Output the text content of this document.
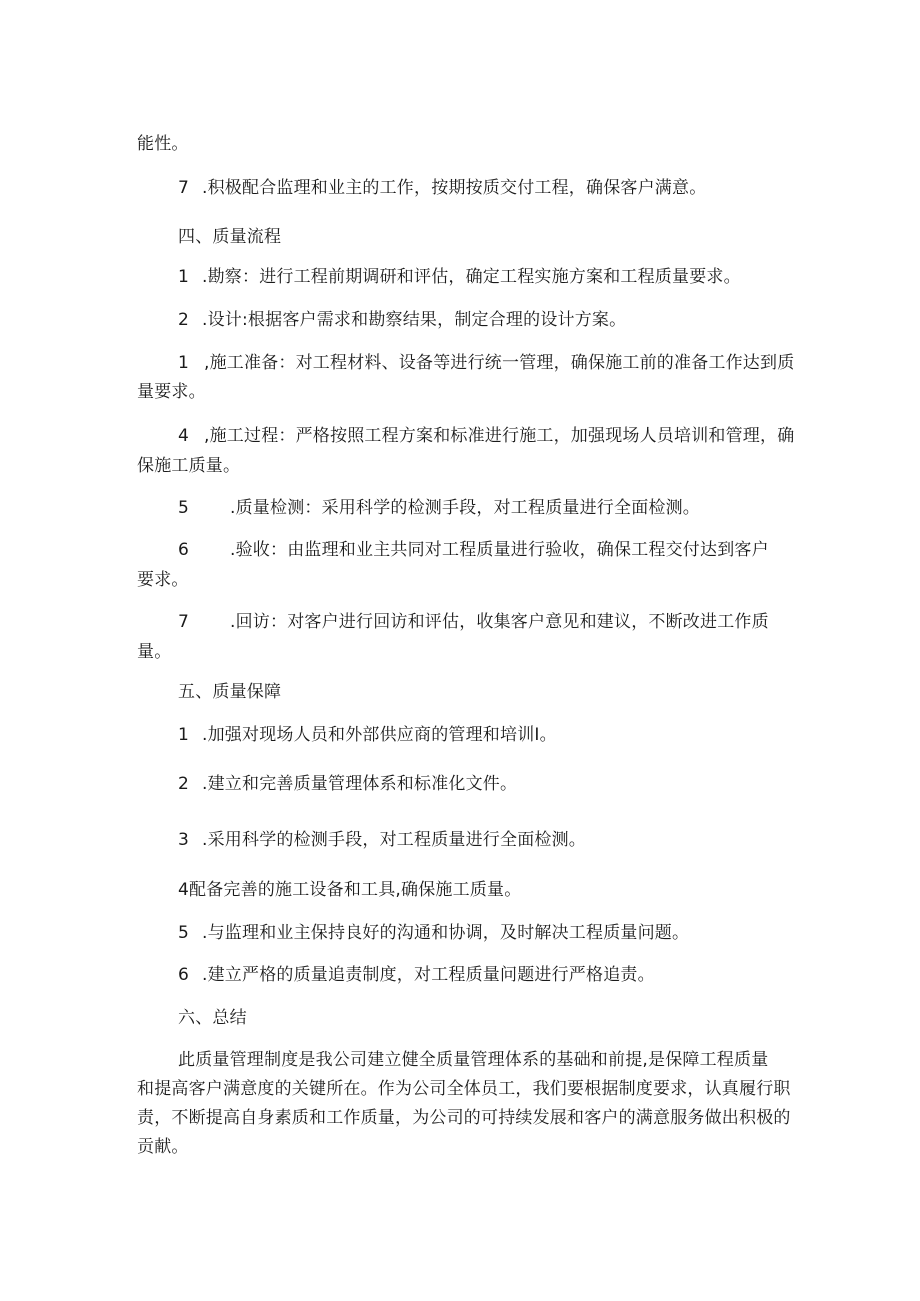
能性。
7 .积极配合监理和业主的工作，按期按质交付工程，确保客户满意。
四、质量流程
1 .勘察：进行工程前期调研和评估，确定工程实施方案和工程质量要求。
2 .设计:根据客户需求和勘察结果，制定合理的设计方案。
1 ,施工准备：对工程材料、设备等进行统一管理，确保施工前的准备工作达到质
量要求。
4 ,施工过程：严格按照工程方案和标准进行施工，加强现场人员培训和管理，确
保施工质量。
5 .质量检测：采用科学的检测手段，对工程质量进行全面检测。
6 .验收：由监理和业主共同对工程质量进行验收，确保工程交付达到客户
要求。
7 .回访：对客户进行回访和评估，收集客户意见和建议，不断改进工作质
量。
五、质量保障
1 .加强对现场人员和外部供应商的管理和培训I。
2 .建立和完善质量管理体系和标准化文件。
3 .采用科学的检测手段，对工程质量进行全面检测。
4配备完善的施工设备和工具,确保施工质量。
5 .与监理和业主保持良好的沟通和协调，及时解决工程质量问题。
6 .建立严格的质量追责制度，对工程质量问题进行严格追责。
六、总结
此质量管理制度是我公司建立健全质量管理体系的基础和前提,是保障工程质量
和提高客户满意度的关键所在。作为公司全体员工，我们要根据制度要求，认真履行职
责，不断提高自身素质和工作质量，为公司的可持续发展和客户的满意服务做出积极的
贡献。
